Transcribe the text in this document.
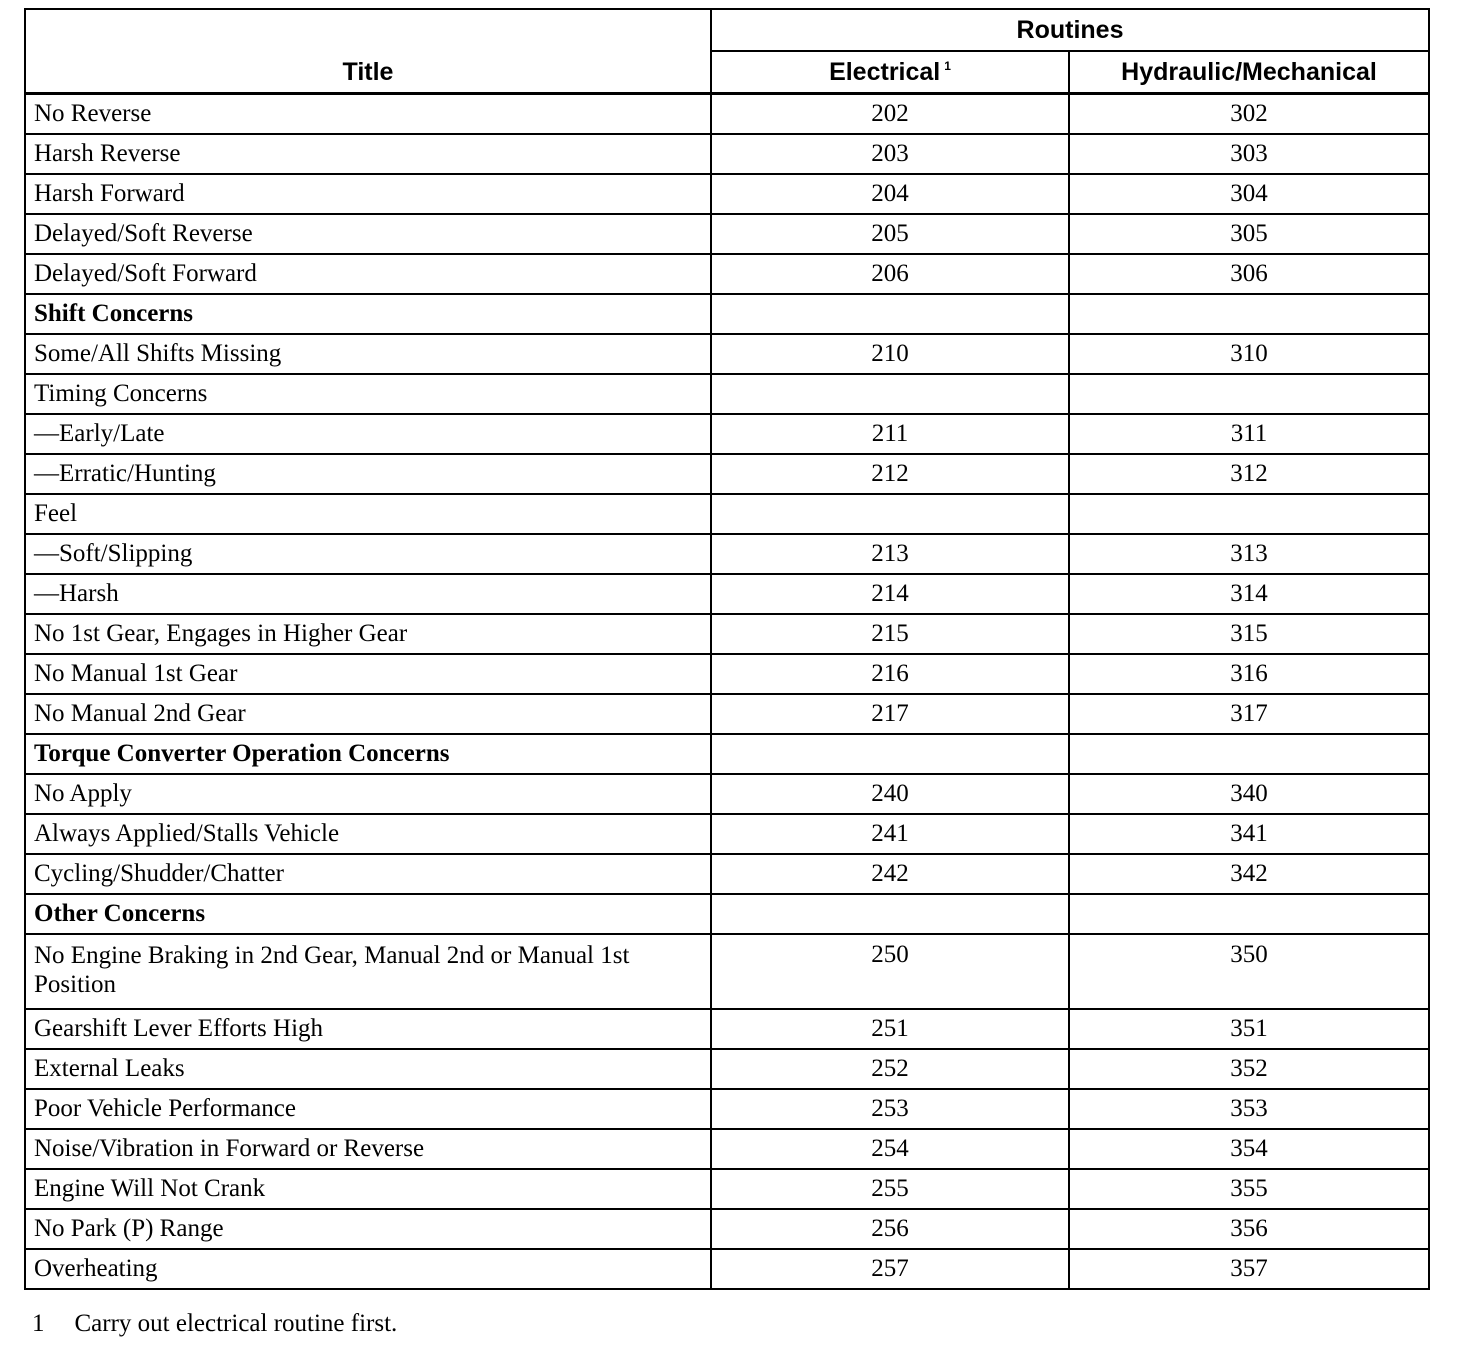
Title	Routines	
	Electrical $^1$	Hydraulic/Mechanical
No Reverse	202	302
Harsh Reverse	203	303
Harsh Forward	204	304
Delayed/Soft Reverse	205	305
Delayed/Soft Forward	206	306
Shift Concerns		
Some/All Shifts Missing	210	310
Timing Concerns		
—Early/Late	211	311
—Erratic/Hunting	212	312
Feel		
—Soft/Slipping	213	313
—Harsh	214	314
No 1st Gear, Engages in Higher Gear	215	315
No Manual 1st Gear	216	316
No Manual 2nd Gear	217	317
Torque Converter Operation Concerns		
No Apply	240	340
Always Applied/Stalls Vehicle	241	341
Cycling/Shudder/Chatter	242	342
Other Concerns		
No Engine Braking in 2nd Gear, Manual 2nd or Manual 1st Position	250	350
Gearshift Lever Efforts High	251	351
External Leaks	252	352
Poor Vehicle Performance	253	353
Noise/Vibration in Forward or Reverse	254	354
Engine Will Not Crank	255	355
No Park (P) Range	256	356
Overheating	257	357
1 Carry out electrical routine first.
